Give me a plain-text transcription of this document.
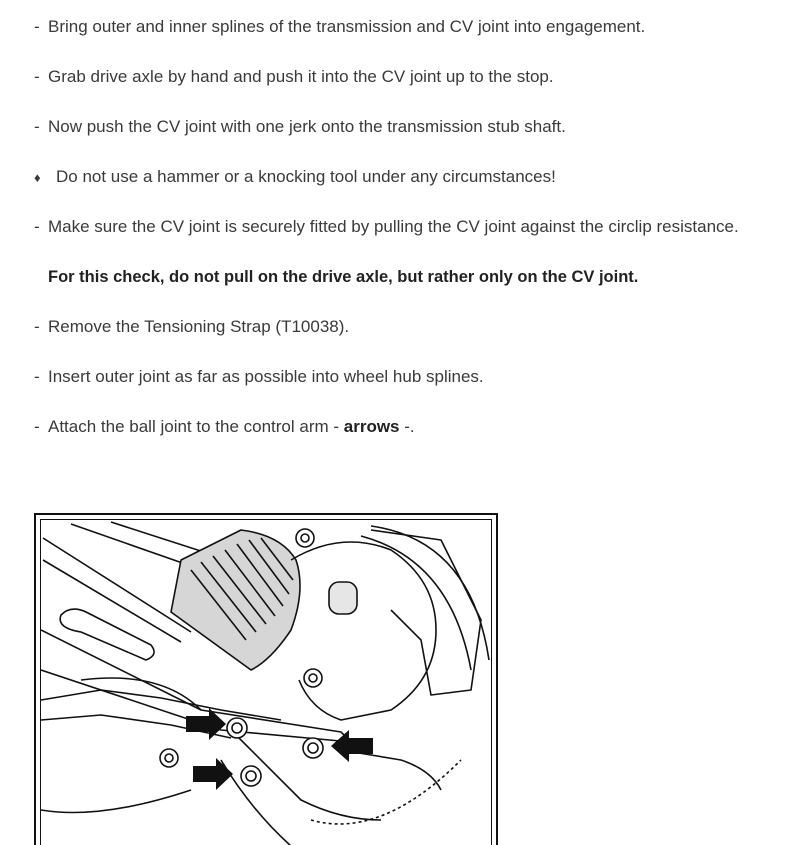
- Bring outer and inner splines of the transmission and CV joint into engagement.
- Grab drive axle by hand and push it into the CV joint up to the stop.
- Now push the CV joint with one jerk onto the transmission stub shaft.
♦ Do not use a hammer or a knocking tool under any circumstances!
- Make sure the CV joint is securely fitted by pulling the CV joint against the circlip resistance.
For this check, do not pull on the drive axle, but rather only on the CV joint.
- Remove the Tensioning Strap (T10038).
- Insert outer joint as far as possible into wheel hub splines.
- Attach the ball joint to the control arm - arrows -.
